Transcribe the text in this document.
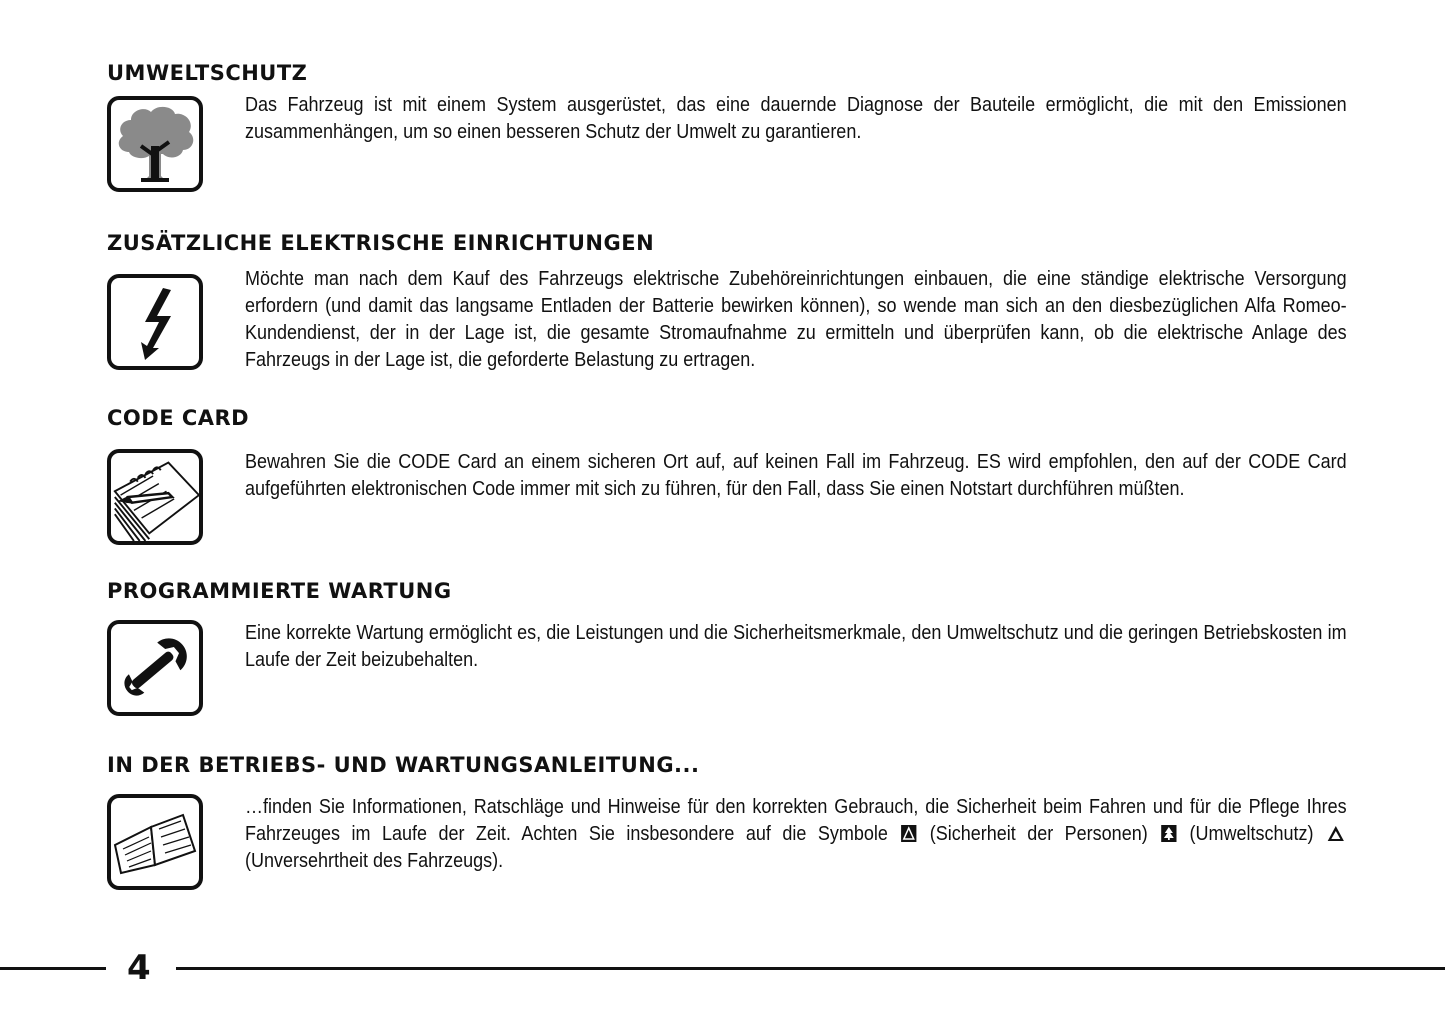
UMWELTSCHUTZ

Das Fahrzeug ist mit einem System ausgerüstet, das eine dauernde Diagnose der Bauteile ermöglicht, die mit den Emissionen zusammenhängen, um so einen besseren Schutz der Umwelt zu garantieren.

ZUSÄTZLICHE ELEKTRISCHE EINRICHTUNGEN

Möchte man nach dem Kauf des Fahrzeugs elektrische Zubehöreinrichtungen einbauen, die eine ständige elektrische Versorgung erfordern (und damit das langsame Entladen der Batterie bewirken können), so wende man sich an den diesbezüglichen Alfa Romeo-Kundendienst, der in der Lage ist, die gesamte Stromaufnahme zu ermitteln und überprüfen kann, ob die elektrische Anlage des Fahrzeugs in der Lage ist, die geforderte Belastung zu ertragen.

CODE CARD

Bewahren Sie die CODE Card an einem sicheren Ort auf, auf keinen Fall im Fahrzeug. ES wird empfohlen, den auf der CODE Card aufgeführten elektronischen Code immer mit sich zu führen, für den Fall, dass Sie einen Notstart durchführen müßten.

PROGRAMMIERTE WARTUNG

Eine korrekte Wartung ermöglicht es, die Leistungen und die Sicherheitsmerkmale, den Umweltschutz und die geringen Betriebskosten im Laufe der Zeit beizubehalten.

IN DER BETRIEBS- UND WARTUNGSANLEITUNG...

…finden Sie Informationen, Ratschläge und Hinweise für den korrekten Gebrauch, die Sicherheit beim Fahren und für die Pflege Ihres Fahrzeuges im Laufe der Zeit. Achten Sie insbesondere auf die Symbole (Sicherheit der Personen) (Umweltschutz)  (Unversehrtheit des Fahrzeugs).

4
